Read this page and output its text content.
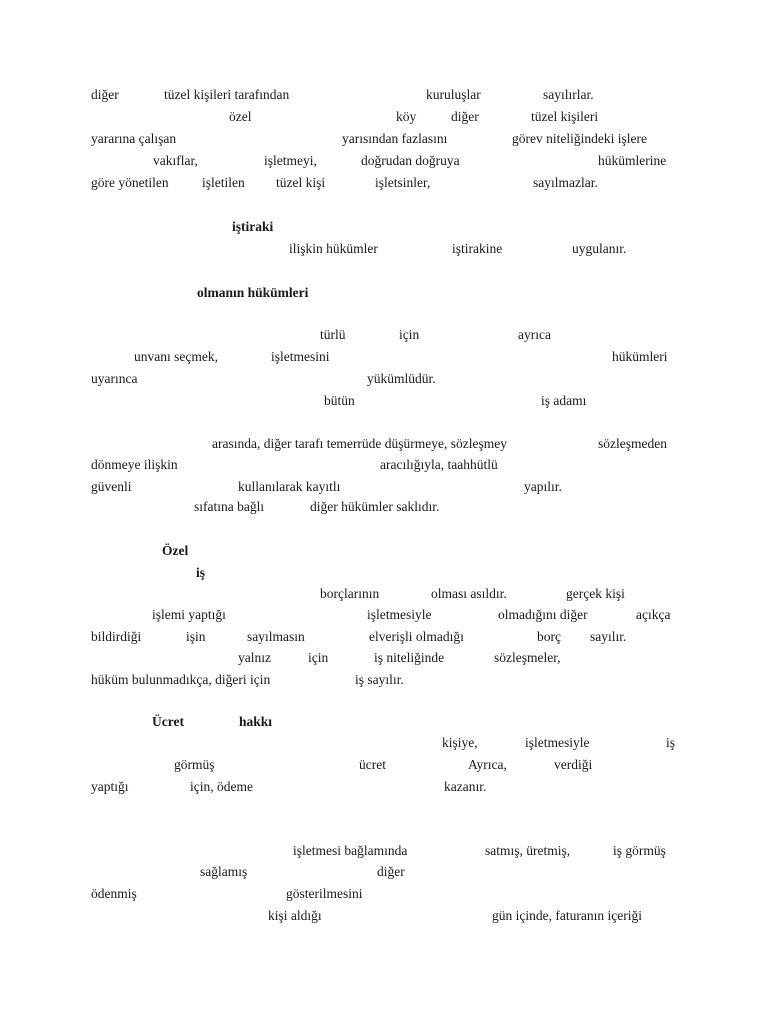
diğer	tüzel kişileri tarafından	kuruluşlar	sayılırlar.
özel	köy	diğer	tüzel kişileri
yararına çalışan	yarısından fazlasını	görev niteliğindeki işlere
vakıflar,	işletmeyi,	doğrudan doğruya	hükümlerine
göre yönetilen işletilen tüzel kişi	işletsinler,	sayılmazlar.
iştiraki
ilişkin hükümler	iştirakine	uygulanır.
olmanın hükümleri
türlü	için	ayrıca
unvanı seçmek,	işletmesini	hükümleri
uyarınca	yükümlüdür.
bütün	iş adamı
arasında, diğer tarafı temerrüde düşürmeye, sözleşmey	sözleşmeden
dönmeye ilişkin	aracılığıyla, taahhütlü
güvenli	kullanılarak kayıtlı	yapılır.
sıfatına bağlı	diğer hükümler saklıdır.
Özel
iş
borçlarının	olması asıldır.	gerçek kişi
işlemi yaptığı	işletmesiyle	olmadığını diğer	açıkça
bildirdiği	işin	sayılmasın	elverişli olmadığı	borç sayılır.
yalnız	için	iş niteliğinde	sözleşmeler,
hüküm bulunmadıkça, diğeri için	iş sayılır.
Ücret	hakkı
kişiye,	işletmesiyle	iş
görmüş	ücret	Ayrıca,	verdiği
yaptığı	için, ödeme	kazanır.
işletmesi bağlamında	satmış, üretmiş,	iş görmüş
sağlamış	diğer
ödenmiş	gösterilmesini
kişi aldığı	gün içinde, faturanın içeriği
